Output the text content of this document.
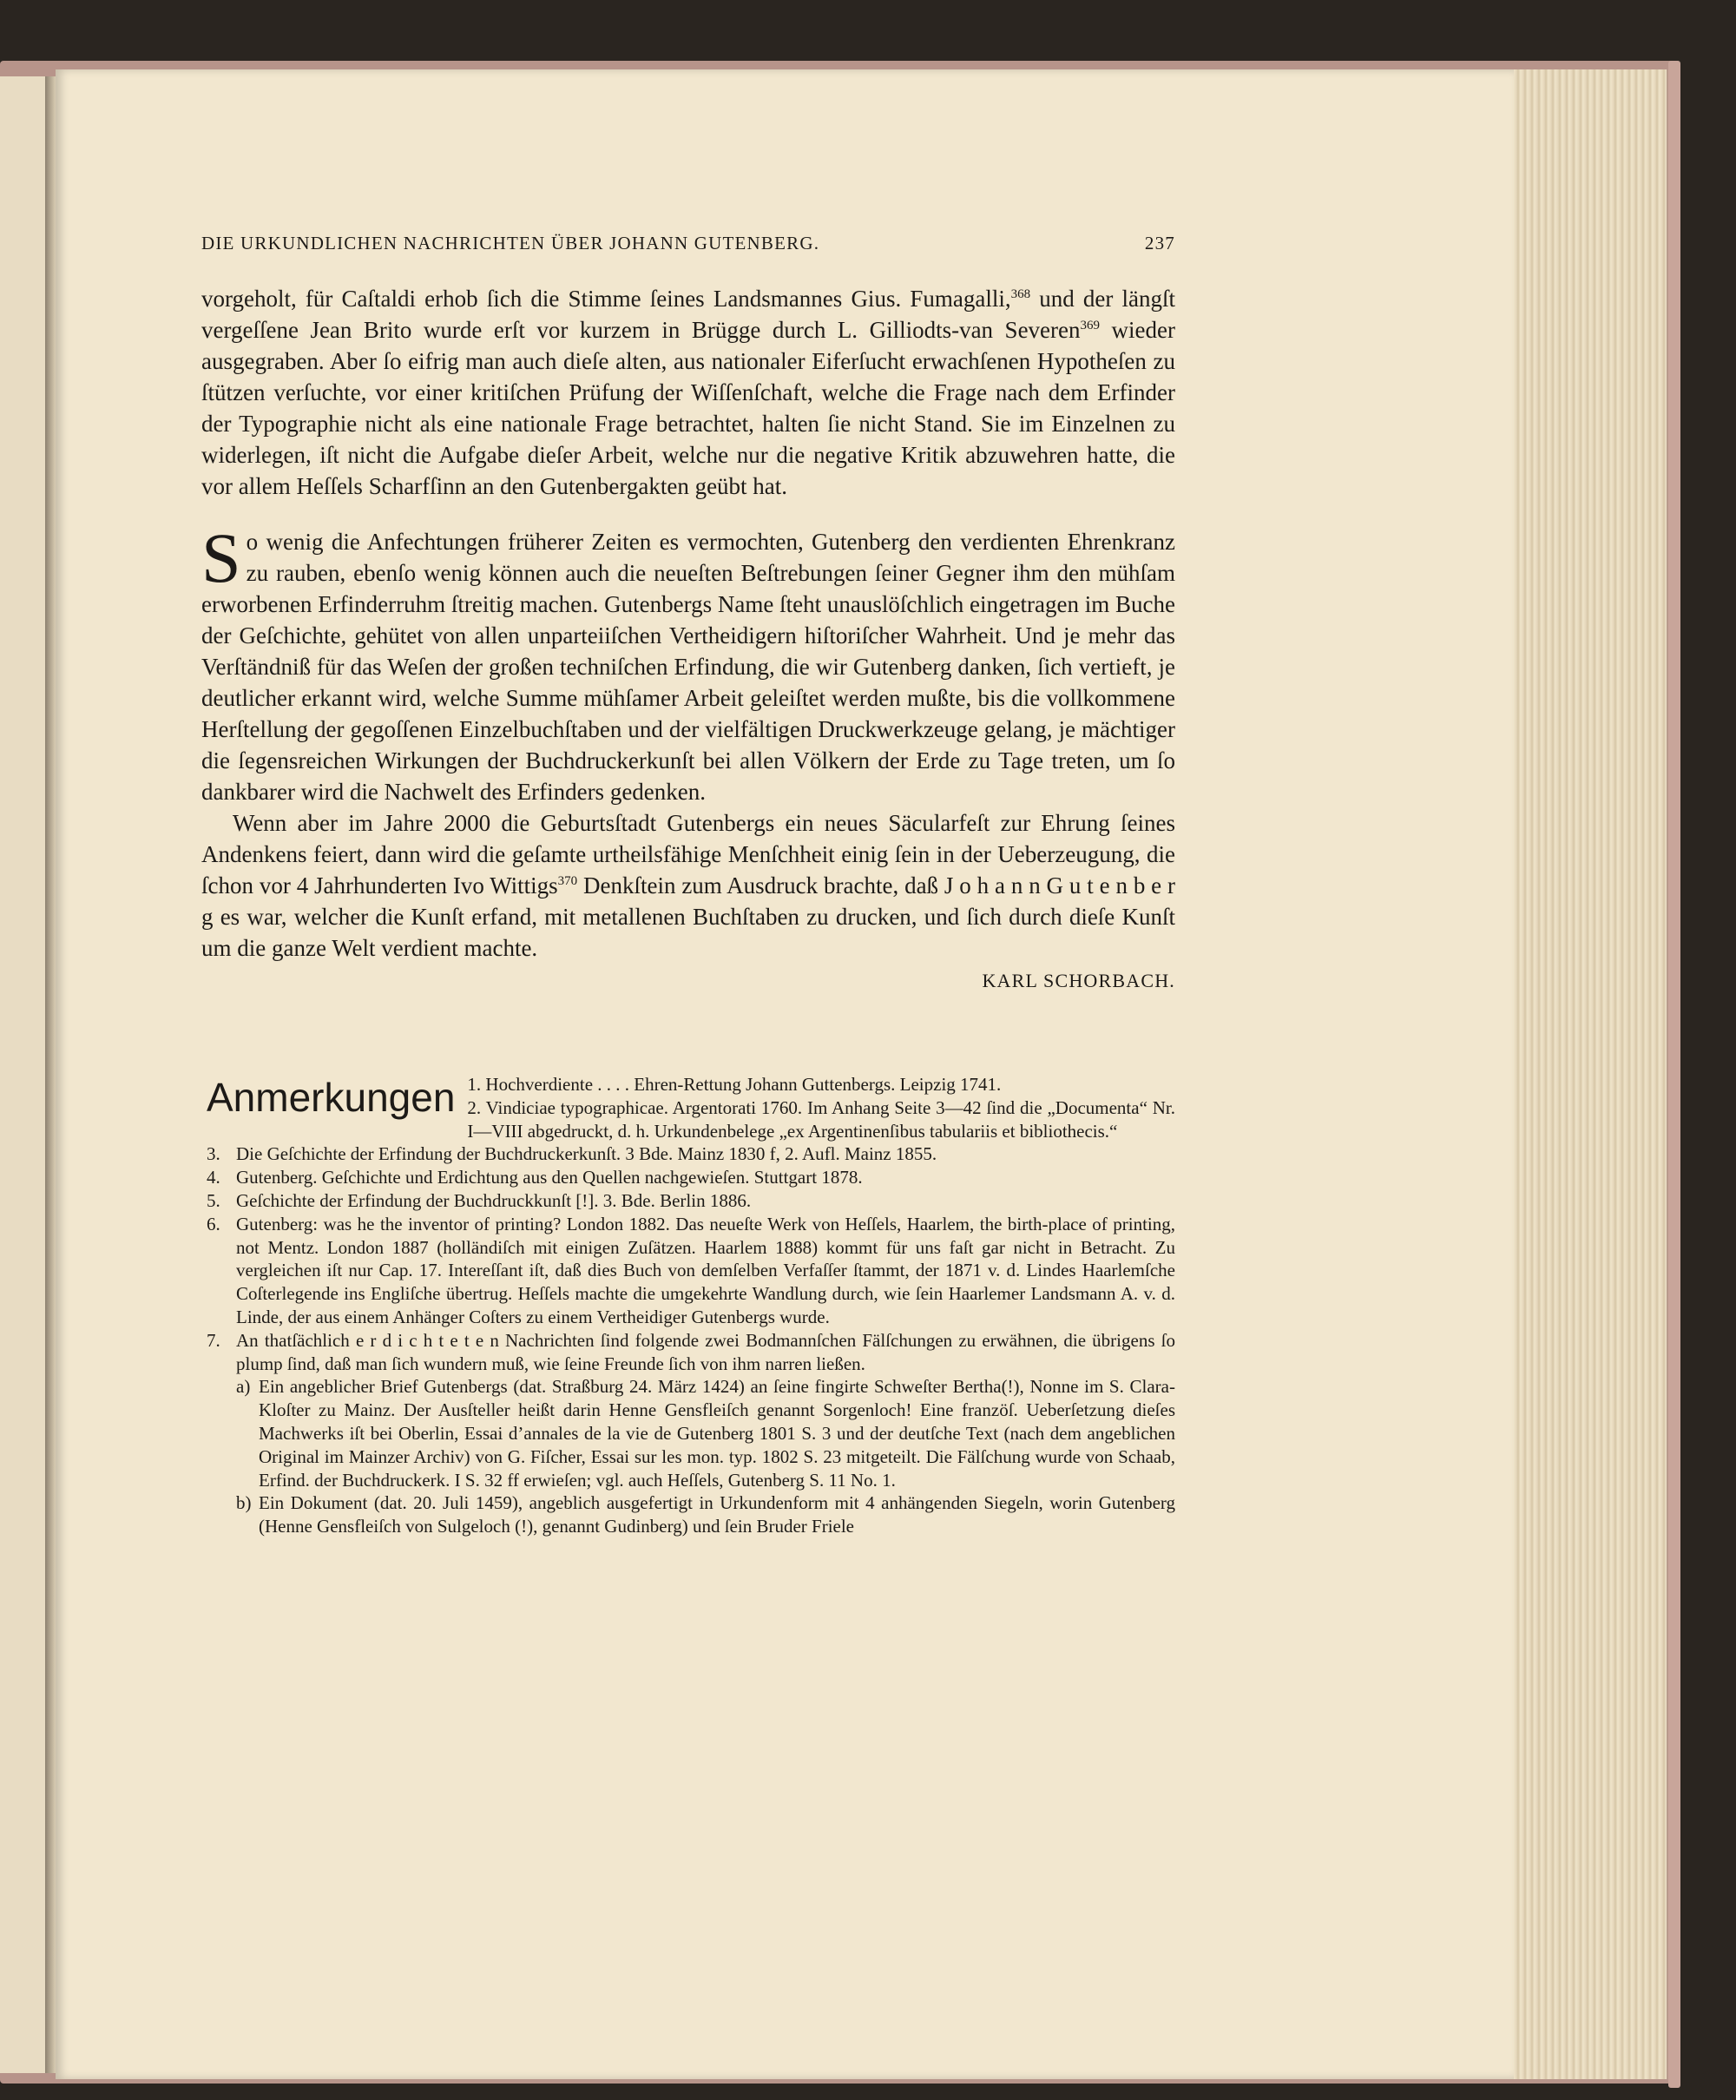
DIE URKUNDLICHEN NACHRICHTEN ÜBER JOHANN GUTENBERG.	237

vorgeholt, für Caſtaldi erhob ſich die Stimme ſeines Landsmannes Gius. Fumagalli,$^{368}$ und der längſt vergeſſene Jean Brito wurde erſt vor kurzem in Brügge durch L. Gilliodts-van Severen$^{369}$ wieder ausgegraben. Aber ſo eifrig man auch dieſe alten, aus nationaler Eiferſucht erwachſenen Hypotheſen zu ſtützen verſuchte, vor einer kritiſchen Prüfung der Wiſſenſchaft, welche die Frage nach dem Erfinder der Typographie nicht als eine nationale Frage betrachtet, halten ſie nicht Stand. Sie im Einzelnen zu widerlegen, iſt nicht die Aufgabe dieſer Arbeit, welche nur die negative Kritik abzuwehren hatte, die vor allem Heſſels Scharfſinn an den Gutenbergakten geübt hat.

So wenig die Anfechtungen früherer Zeiten es vermochten, Gutenberg den verdienten Ehrenkranz zu rauben, ebenſo wenig können auch die neueſten Beſtrebungen ſeiner Gegner ihm den mühſam erworbenen Erfinderruhm ſtreitig machen. Gutenbergs Name ſteht unauslöſchlich eingetragen im Buche der Geſchichte, gehütet von allen unparteiiſchen Vertheidigern hiſtoriſcher Wahrheit. Und je mehr das Verſtändniß für das Weſen der großen techniſchen Erfindung, die wir Gutenberg danken, ſich vertieft, je deutlicher erkannt wird, welche Summe mühſamer Arbeit geleiſtet werden mußte, bis die vollkommene Herſtellung der gegoſſenen Einzelbuchſtaben und der vielfältigen Druckwerkzeuge gelang, je mächtiger die ſegensreichen Wirkungen der Buchdruckerkunſt bei allen Völkern der Erde zu Tage treten, um ſo dankbarer wird die Nachwelt des Erfinders gedenken.

Wenn aber im Jahre 2000 die Geburtsſtadt Gutenbergs ein neues Säcularfeſt zur Ehrung ſeines Andenkens feiert, dann wird die geſamte urtheilsfähige Menſchheit einig ſein in der Ueberzeugung, die ſchon vor 4 Jahrhunderten Ivo Wittigs$^{370}$ Denkſtein zum Ausdruck brachte, daß J o h a n n G u t e n b e r g es war, welcher die Kunſt erfand, mit metallenen Buchſtaben zu drucken, und ſich durch dieſe Kunſt um die ganze Welt verdient machte.

KARL SCHORBACH.

Anmerkungen 1. Hochverdiente . . . . Ehren-Rettung Johann Guttenbergs. Leipzig 1741.
2. Vindiciae typographicae. Argentorati 1760. Im Anhang Seite 3—42 ſind die „Documenta“ Nr. I—VIII abgedruckt, d. h. Urkundenbelege „ex Argentinenſibus tabulariis et bibliothecis.“
3. Die Geſchichte der Erfindung der Buchdruckerkunſt. 3 Bde. Mainz 1830 f, 2. Aufl. Mainz 1855.
4. Gutenberg. Geſchichte und Erdichtung aus den Quellen nachgewieſen. Stuttgart 1878.
5. Geſchichte der Erfindung der Buchdruckkunſt [!]. 3. Bde. Berlin 1886.
6. Gutenberg: was he the inventor of printing? London 1882. Das neueſte Werk von Heſſels, Haarlem, the birth-place of printing, not Mentz. London 1887 (holländiſch mit einigen Zuſätzen. Haarlem 1888) kommt für uns faſt gar nicht in Betracht. Zu vergleichen iſt nur Cap. 17. Intereſſant iſt, daß dies Buch von demſelben Verfaſſer ſtammt, der 1871 v. d. Lindes Haarlemſche Coſterlegende ins Engliſche übertrug. Heſſels machte die umgekehrte Wandlung durch, wie ſein Haarlemer Landsmann A. v. d. Linde, der aus einem Anhänger Coſters zu einem Vertheidiger Gutenbergs wurde.
7. An thatſächlich e r d i c h t e t e n Nachrichten ſind folgende zwei Bodmannſchen Fälſchungen zu erwähnen, die übrigens ſo plump ſind, daß man ſich wundern muß, wie ſeine Freunde ſich von ihm narren ließen.
a) Ein angeblicher Brief Gutenbergs (dat. Straßburg 24. März 1424) an ſeine fingirte Schweſter Bertha(!), Nonne im S. Clara-Kloſter zu Mainz. Der Ausſteller heißt darin Henne Gensfleiſch genannt Sorgenloch! Eine franzöſ. Ueberſetzung dieſes Machwerks iſt bei Oberlin, Essai d’annales de la vie de Gutenberg 1801 S. 3 und der deutſche Text (nach dem angeblichen Original im Mainzer Archiv) von G. Fiſcher, Essai sur les mon. typ. 1802 S. 23 mitgeteilt. Die Fälſchung wurde von Schaab, Erfind. der Buchdruckerk. I S. 32 ff erwieſen; vgl. auch Heſſels, Gutenberg S. 11 No. 1.
b) Ein Dokument (dat. 20. Juli 1459), angeblich ausgefertigt in Urkundenform mit 4 anhängenden Siegeln, worin Gutenberg (Henne Gensfleiſch von Sulgeloch (!), genannt Gudinberg) und ſein Bruder Friele
